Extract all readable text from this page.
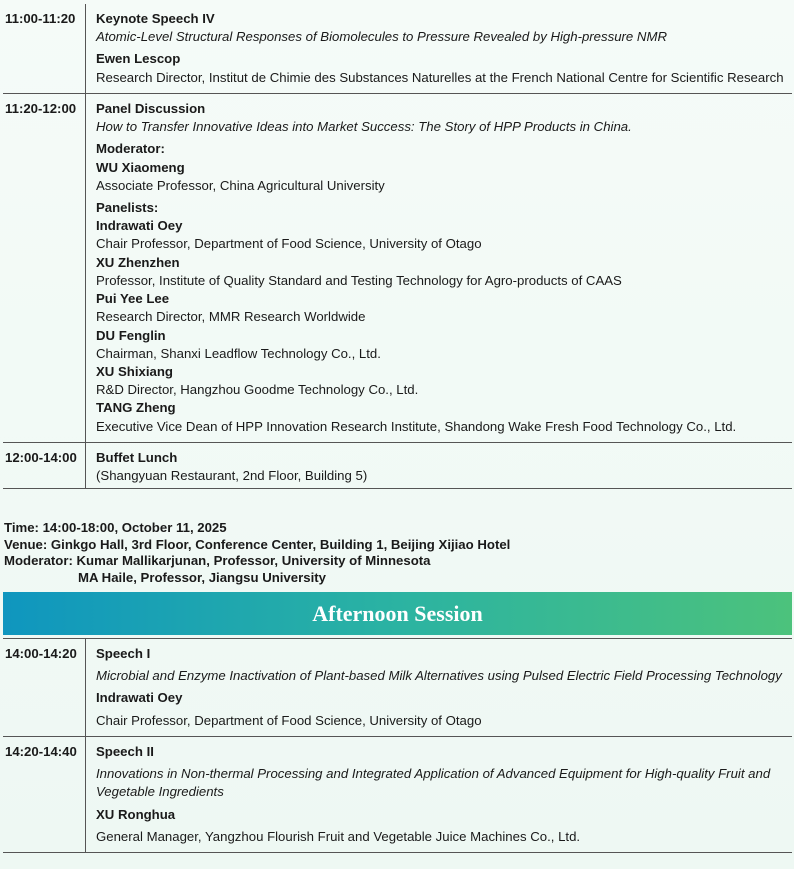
11:00-11:20	Keynote Speech IV
Atomic-Level Structural Responses of Biomolecules to Pressure Revealed by High-pressure NMR
Ewen Lescop
Research Director, Institut de Chimie des Substances Naturelles at the French National Centre for Scientific Research
11:20-12:00	Panel Discussion
How to Transfer Innovative Ideas into Market Success: The Story of HPP Products in China.
Moderator:
WU Xiaomeng
Associate Professor, China Agricultural University
Panelists:
Indrawati Oey
Chair Professor, Department of Food Science, University of Otago
XU Zhenzhen
Professor, Institute of Quality Standard and Testing Technology for Agro-products of CAAS
Pui Yee Lee
Research Director, MMR Research Worldwide
DU Fenglin
Chairman, Shanxi Leadflow Technology Co., Ltd.
XU Shixiang
R&D Director, Hangzhou Goodme Technology Co., Ltd.
TANG Zheng
Executive Vice Dean of HPP Innovation Research Institute, Shandong Wake Fresh Food Technology Co., Ltd.
12:00-14:00	Buffet Lunch
(Shangyuan Restaurant, 2nd Floor, Building 5)
Time: 14:00-18:00, October 11, 2025
Venue: Ginkgo Hall, 3rd Floor, Conference Center, Building 1, Beijing Xijiao Hotel
Moderator: Kumar Mallikarjunan, Professor, University of Minnesota
MA Haile, Professor, Jiangsu University
Afternoon Session
14:00-14:20	Speech I
Microbial and Enzyme Inactivation of Plant-based Milk Alternatives using Pulsed Electric Field Processing Technology
Indrawati Oey
Chair Professor, Department of Food Science, University of Otago
14:20-14:40	Speech II
Innovations in Non-thermal Processing and Integrated Application of Advanced Equipment for High-quality Fruit and Vegetable Ingredients
XU Ronghua
General Manager, Yangzhou Flourish Fruit and Vegetable Juice Machines Co., Ltd.
